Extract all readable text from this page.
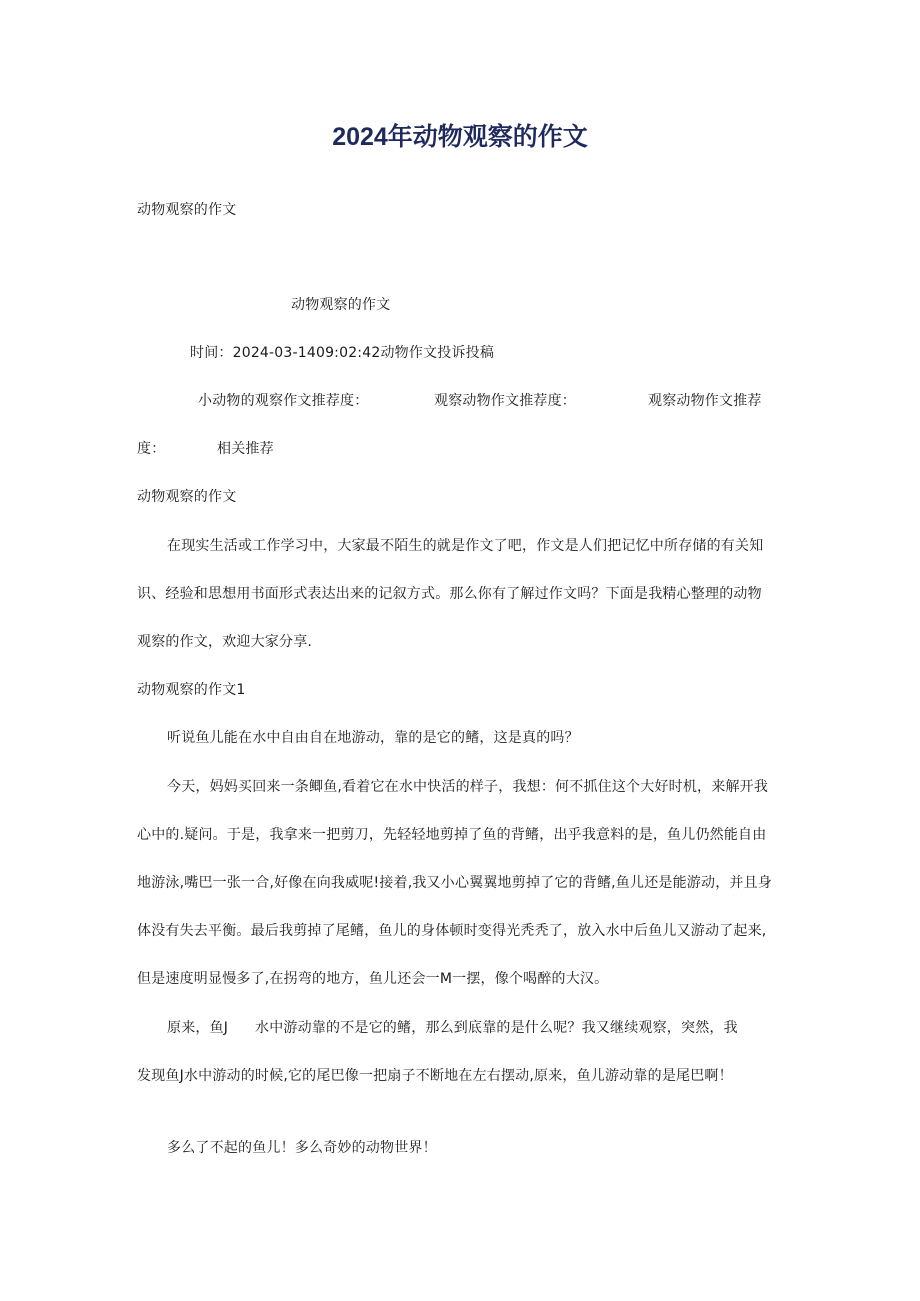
2024年动物观察的作文
动物观察的作文
动物观察的作文
时间：2024-03-1409:02:42动物作文投诉投稿
小动物的观察作文推荐度：	观察动物作文推荐度：	观察动物作文推荐
度：	相关推荐
动物观察的作文
在现实生活或工作学习中，大家最不陌生的就是作文了吧，作文是人们把记忆中所存储的有关知
识、经验和思想用书面形式表达出来的记叙方式。那么你有了解过作文吗？下面是我精心整理的动物
观察的作文，欢迎大家分享.
动物观察的作文1
听说鱼儿能在水中自由自在地游动，靠的是它的鳍，这是真的吗？
今天，妈妈买回来一条鲫鱼,看着它在水中快活的样子，我想：何不抓住这个大好时机，来解开我
心中的.疑问。于是，我拿来一把剪刀，先轻轻地剪掉了鱼的背鳍，出乎我意料的是，鱼儿仍然能自由
地游泳,嘴巴一张一合,好像在向我威呢!接着,我又小心翼翼地剪掉了它的背鳍,鱼儿还是能游动，并且身
体没有失去平衡。最后我剪掉了尾鳍，鱼儿的身体顿时变得光秃秃了，放入水中后鱼儿又游动了起来,
但是速度明显慢多了,在拐弯的地方，鱼儿还会一M一摆，像个喝醉的大汉。
原来，鱼J 水中游动靠的不是它的鳍，那么到底靠的是什么呢？我又继续观察，突然，我
发现鱼J水中游动的时候,它的尾巴像一把扇子不断地在左右摆动,原来，鱼儿游动靠的是尾巴啊！
多么了不起的鱼儿！多么奇妙的动物世界！
